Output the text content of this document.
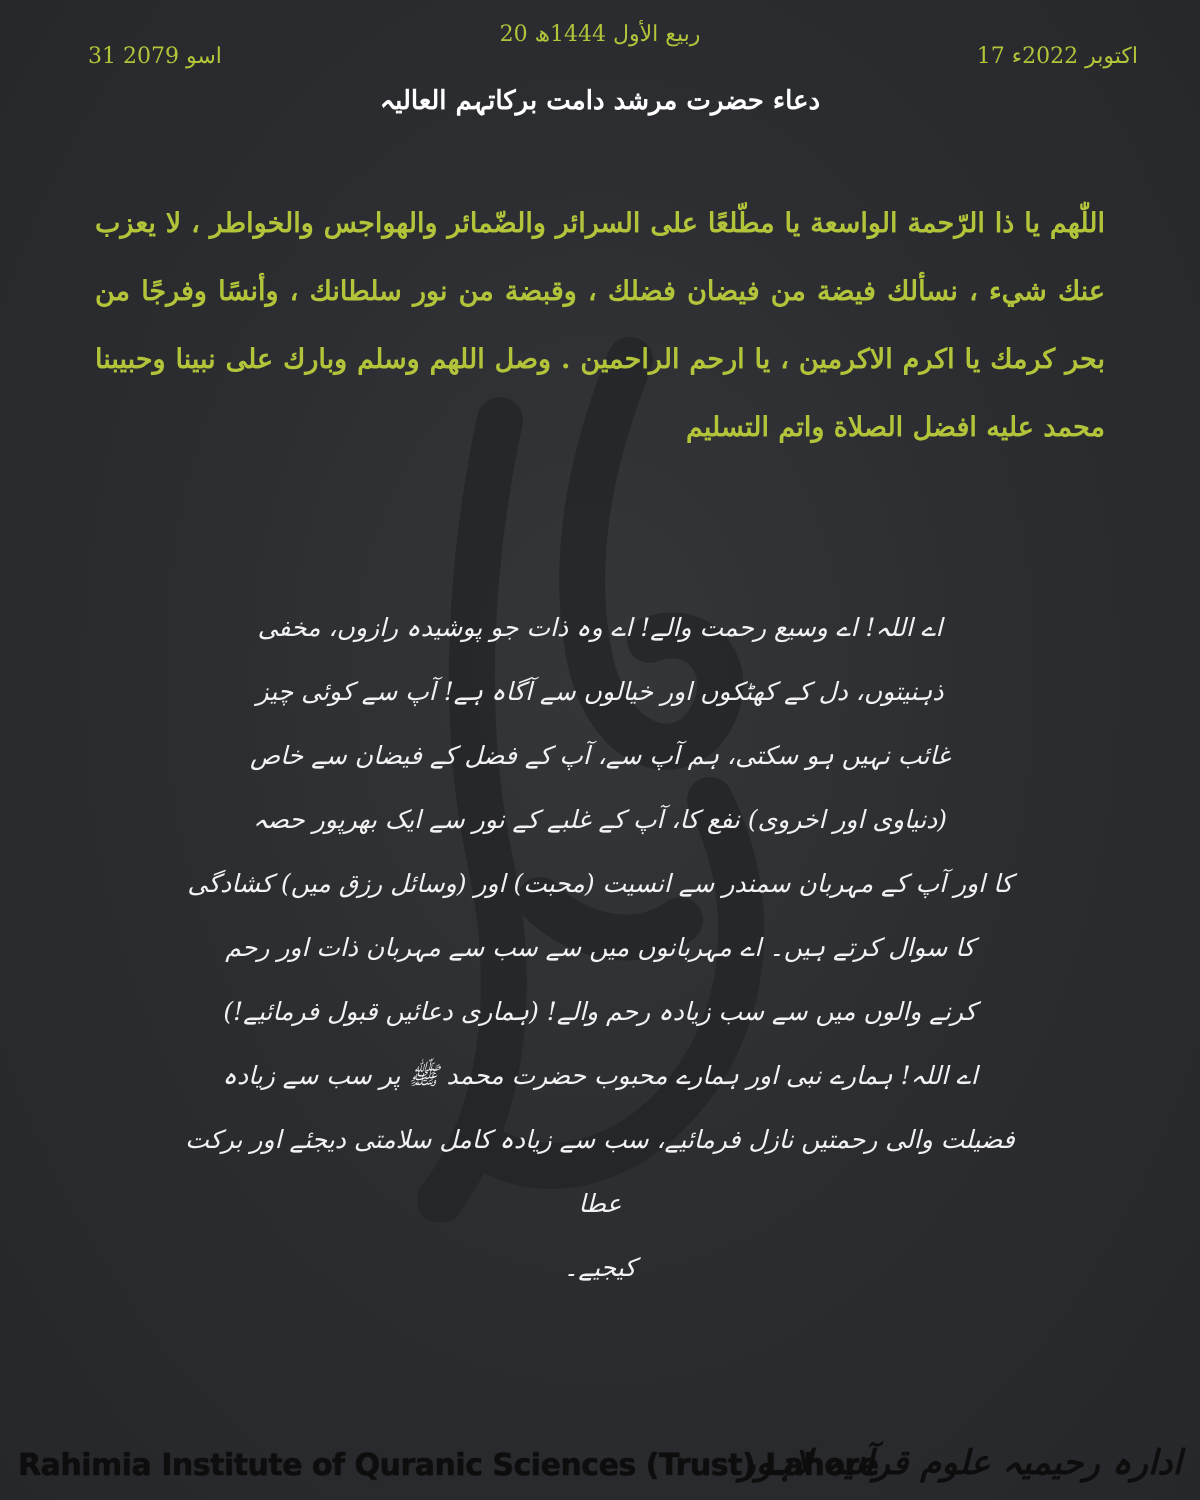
20 ربیع الأول 1444ھ
17 اکتوبر 2022ء
31 اسو 2079
دعاء حضرت مرشد دامت برکاتہم العالیہ
اللّٰھم یا ذا الرّحمة الواسعة یا مطّلعًا علی السرائر والضّمائر والھواجس والخواطر ، لا یعزب عنك شيء ، نسألك فیضة من فیضان فضلك ، وقبضة من نور سلطانك ، وأنسًا وفرجًا من بحر کرمك یا اکرم الاکرمین ، یا ارحم الراحمین . وصل اللھم وسلم وبارك علی نبینا وحبیبنا محمد علیه افضل الصلاة واتم التسلیم
اے اللہ! اے وسیع رحمت والے! اے وہ ذات جو پوشیدہ رازوں، مخفی
ذہنیتوں، دل کے کھٹکوں اور خیالوں سے آگاہ ہے! آپ سے کوئی چیز
غائب نہیں ہو سکتی، ہم آپ سے، آپ کے فضل کے فیضان سے خاص
(دنیاوی اور اخروی) نفع کا، آپ کے غلبے کے نور سے ایک بھرپور حصہ
کا اور آپ کے مہربان سمندر سے انسیت (محبت) اور (وسائل رزق میں) کشادگی
کا سوال کرتے ہیں۔ اے مہربانوں میں سے سب سے مہربان ذات اور رحم
کرنے والوں میں سے سب زیادہ رحم والے! (ہماری دعائیں قبول فرمائیے!)
اے اللہ! ہمارے نبی اور ہمارے محبوب حضرت محمد ﷺ پر سب سے زیادہ
فضیلت والی رحمتیں نازل فرمائیے، سب سے زیادہ کامل سلامتی دیجئے اور برکت عطا
کیجیے۔
Rahimia Institute of Quranic Sciences (Trust) Lahore
ادارہ رحیمیہ علوم قرآنیہ لاہور
